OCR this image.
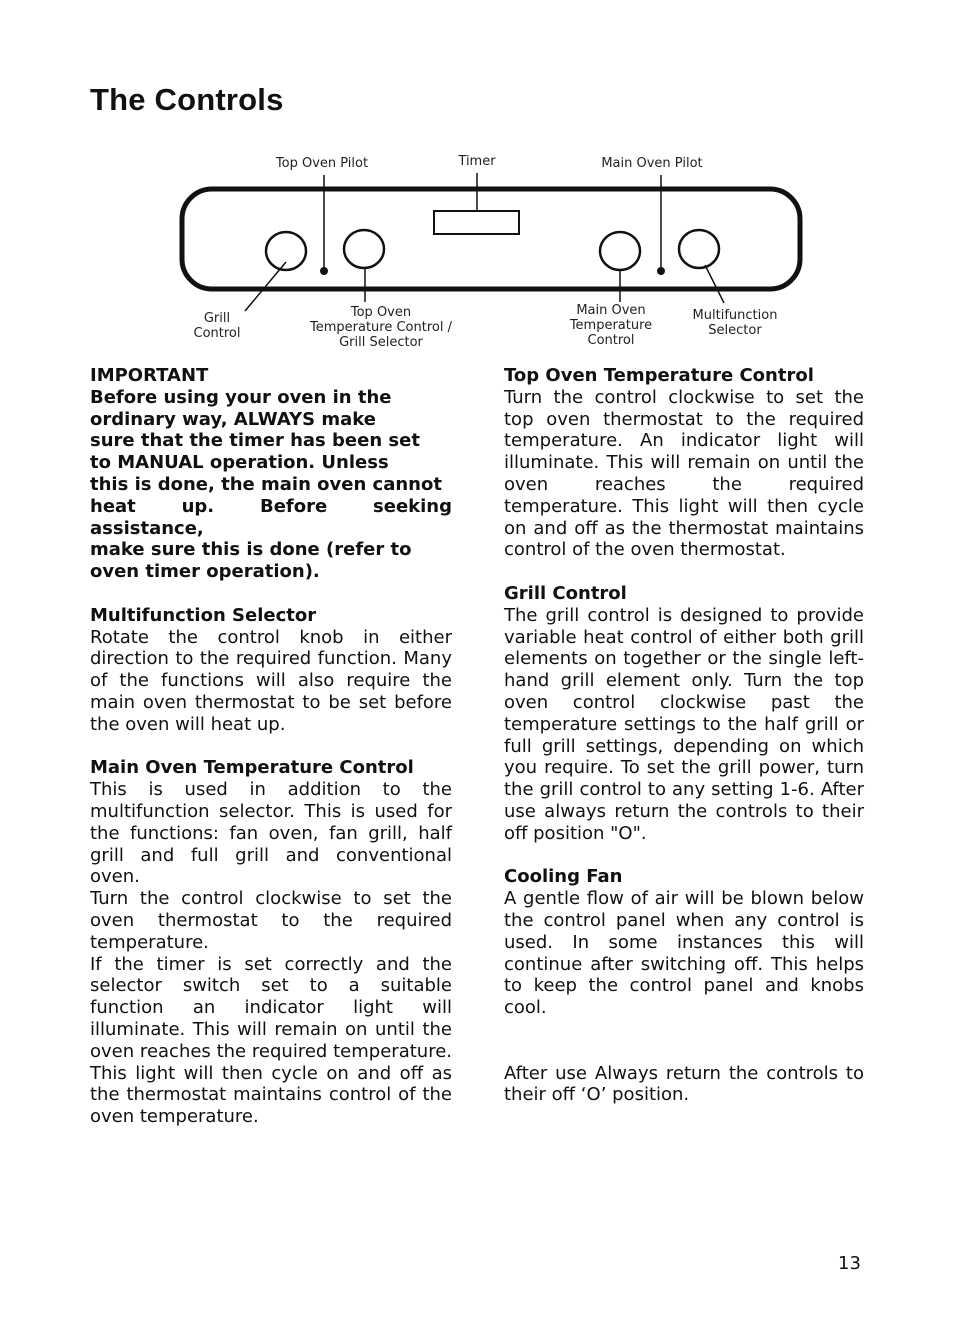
The Controls
Top Oven Pilot	Timer	Main Oven Pilot
Grill
Control
Top Oven
Temperature Control /
Grill Selector
Main Oven
Temperature
Control
Multifunction
Selector
IMPORTANT

Before using your oven in the
ordinary way, ALWAYS make
sure that the timer has been set
to MANUAL operation. Unless
this is done, the main oven cannot
heat up. Before seeking assistance,
make sure this is done (refer to
oven timer operation).

Multifunction Selector

Rotate the control knob in either direction to the required function. Many of the functions will also require the main oven thermostat to be set before the oven will heat up.

Main Oven Temperature Control

This is used in addition to the multifunction selector. This is used for the functions: fan oven, fan grill, half grill and full grill and conventional oven.

Turn the control clockwise to set the oven thermostat to the required temperature.

If the timer is set correctly and the selector switch set to a suitable function an indicator light will illuminate. This will remain on until the oven reaches the required temperature. This light will then cycle on and off as the thermostat maintains control of the oven temperature.

Top Oven Temperature Control

Turn the control clockwise to set the top oven thermostat to the required temperature. An indicator light will illuminate. This will remain on until the oven reaches the required temperature. This light will then cycle on and off as the thermostat maintains control of the oven thermostat.

Grill Control

The grill control is designed to provide variable heat control of either both grill elements on together or the single left-hand grill element only. Turn the top oven control clockwise past the temperature settings to the half grill or full grill settings, depending on which you require. To set the grill power, turn the grill control to any setting 1-6. After use always return the controls to their off position "O".

Cooling Fan

A gentle flow of air will be blown below the control panel when any control is used. In some instances this will continue after switching off. This helps to keep the control panel and knobs cool.

After use Always return the controls to their off ‘O’ position.

13
